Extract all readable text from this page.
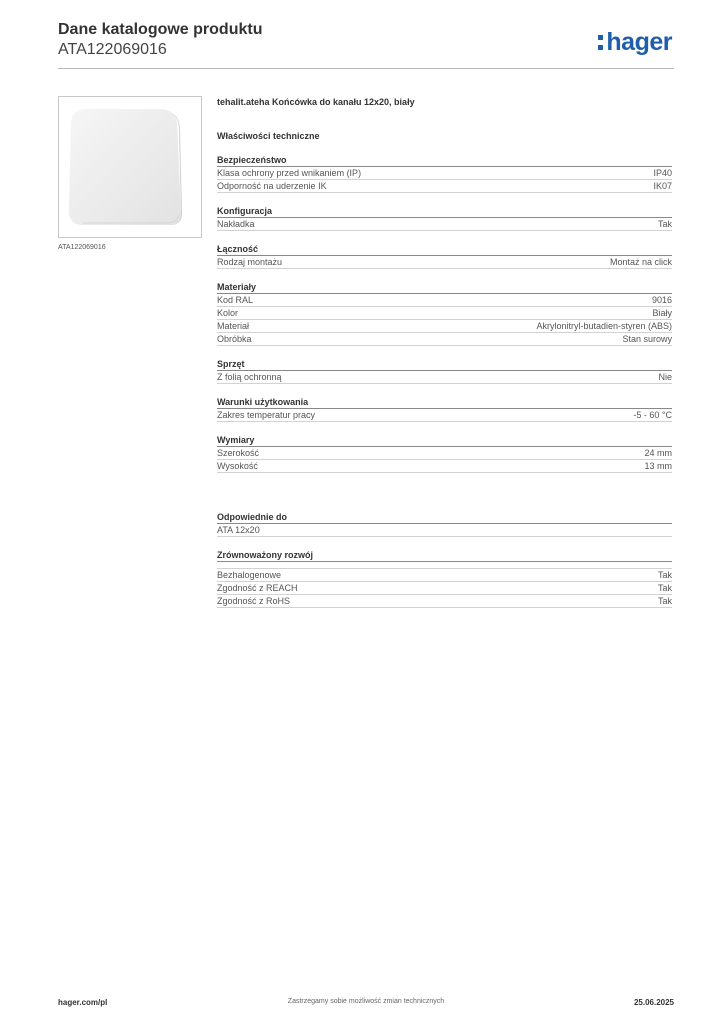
Dane katalogowe produktu
ATA122069016	hager
ATA122069016
tehalit.ateha Końcówka do kanału 12x20, biały
Właściwości techniczne
Bezpieczeństwo
Klasa ochrony przed wnikaniem (IP)	IP40
Odporność na uderzenie IK	IK07
Konfiguracja
Nakładka	Tak
Łączność
Rodzaj montażu	Montaż na click
Materiały
Kod RAL	9016
Kolor	Biały
Materiał	Akrylonitryl-butadien-styren (ABS)
Obróbka	Stan surowy
Sprzęt
Z folią ochronną	Nie
Warunki użytkowania
Zakres temperatur pracy	-5 - 60 °C
Wymiary
Szerokość	24 mm
Wysokość	13 mm
Odpowiednie do
ATA 12x20
Zrównoważony rozwój
Bezhalogenowe	Tak
Zgodność z REACH	Tak
Zgodność z RoHS	Tak
hager.com/pl	Zastrzegamy sobie możliwość zmian technicznych	25.06.2025
